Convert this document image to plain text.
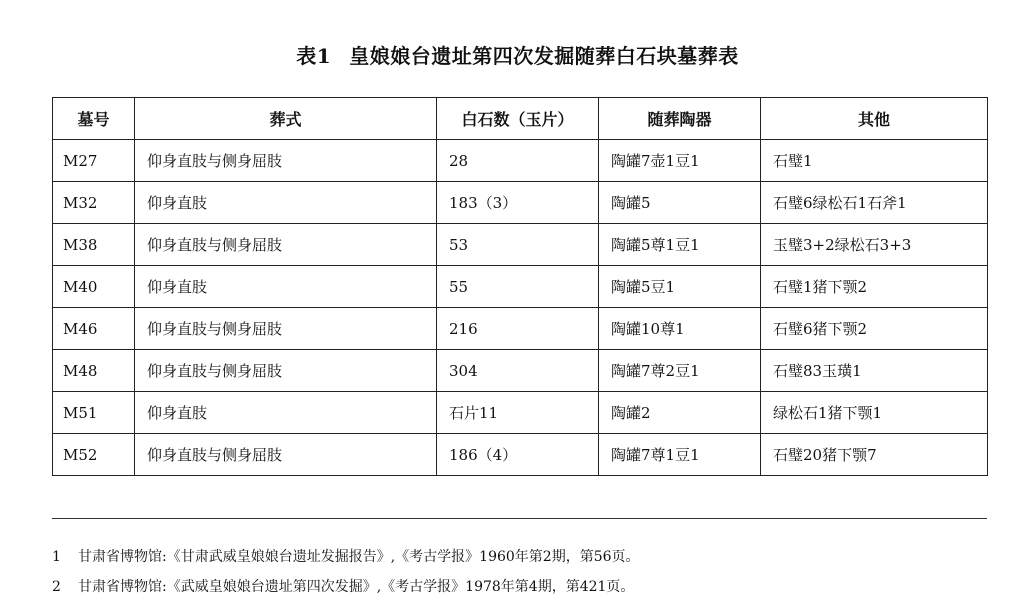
表1 皇娘娘台遗址第四次发掘随葬白石块墓葬表
墓号	葬式	白石数（玉片）	随葬陶器	其他
M27	仰身直肢与侧身屈肢	28	陶罐7壶1豆1	石璧1
M32	仰身直肢	183（3）	陶罐5	石璧6绿松石1石斧1
M38	仰身直肢与侧身屈肢	53	陶罐5尊1豆1	玉璧3+2绿松石3+3
M40	仰身直肢	55	陶罐5豆1	石璧1猪下颚2
M46	仰身直肢与侧身屈肢	216	陶罐10尊1	石璧6猪下颚2
M48	仰身直肢与侧身屈肢	304	陶罐7尊2豆1	石璧83玉璜1
M51	仰身直肢	石片11	陶罐2	绿松石1猪下颚1
M52	仰身直肢与侧身屈肢	186（4）	陶罐7尊1豆1	石璧20猪下颚7
1 甘肃省博物馆:《甘肃武威皇娘娘台遗址发掘报告》,《考古学报》1960年第2期，第56页。
2 甘肃省博物馆:《武威皇娘娘台遗址第四次发掘》,《考古学报》1978年第4期，第421页。
